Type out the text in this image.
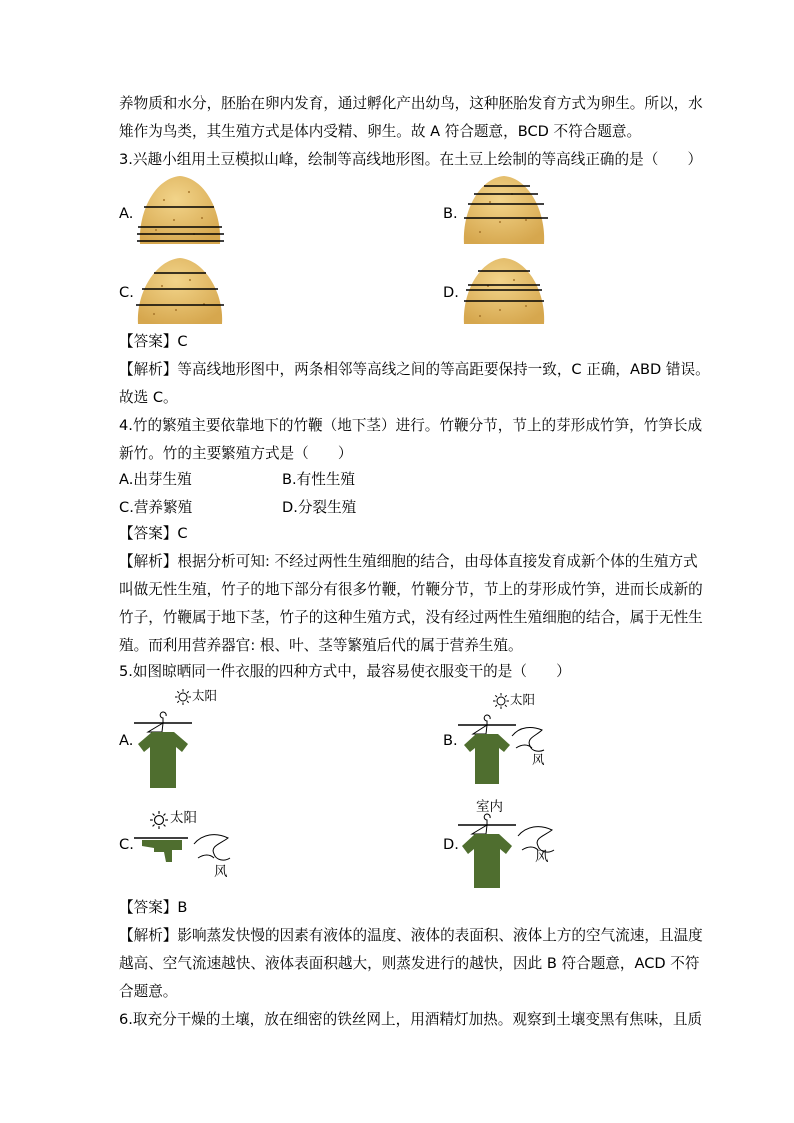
养物质和水分，胚胎在卵内发育，通过孵化产出幼鸟，这种胚胎发育方式为卵生。所以，水
雉作为鸟类，其生殖方式是体内受精、卵生。故 A 符合题意，BCD 不符合题意。
3.兴趣小组用土豆模拟山峰，绘制等高线地形图。在土豆上绘制的等高线正确的是（　　）
A.	B.
C.	D.
【答案】C
【解析】等高线地形图中，两条相邻等高线之间的等高距要保持一致，C 正确，ABD 错误。
故选 C。
4.竹的繁殖主要依靠地下的竹鞭（地下茎）进行。竹鞭分节，节上的芽形成竹笋，竹笋长成
新竹。竹的主要繁殖方式是（　　）
A.出芽生殖	B.有性生殖
C.营养繁殖	D.分裂生殖
【答案】C
【解析】根据分析可知: 不经过两性生殖细胞的结合，由母体直接发育成新个体的生殖方式
叫做无性生殖，竹子的地下部分有很多竹鞭，竹鞭分节，节上的芽形成竹笋，进而长成新的
竹子，竹鞭属于地下茎，竹子的这种生殖方式，没有经过两性生殖细胞的结合，属于无性生
殖。而利用营养器官: 根、叶、茎等繁殖后代的属于营养生殖。
5.如图晾晒同一件衣服的四种方式中，最容易使衣服变干的是（　　）
A.
太阳
B.
太阳
风
C.
太阳
风
D.
室内
风
【答案】B
【解析】影响蒸发快慢的因素有液体的温度、液体的表面积、液体上方的空气流速，且温度
越高、空气流速越快、液体表面积越大，则蒸发进行的越快，因此 B 符合题意，ACD 不符
合题意。
6.取充分干燥的土壤，放在细密的铁丝网上，用酒精灯加热。观察到土壤变黑有焦味，且质
